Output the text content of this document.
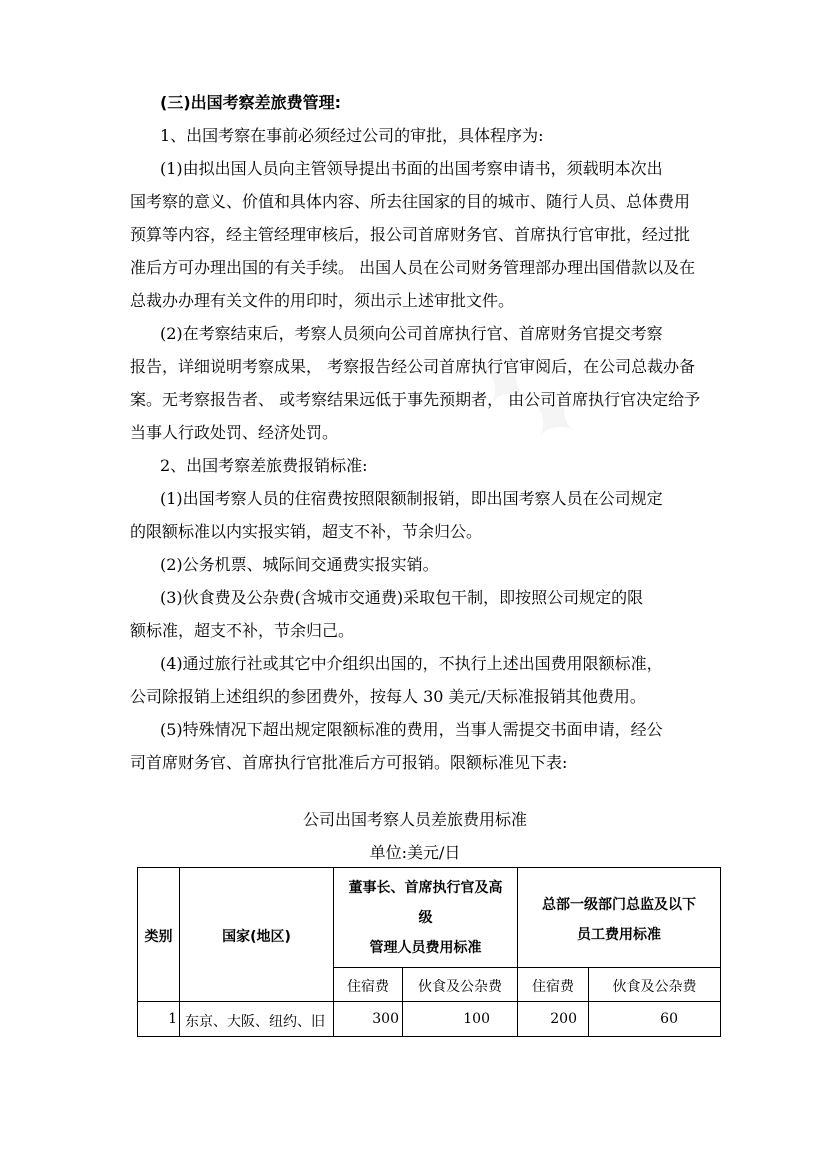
(三)出国考察差旅费管理:
1、出国考察在事前必须经过公司的审批，具体程序为:
(1)由拟出国人员向主管领导提出书面的出国考察申请书，须载明本次出
国考察的意义、价值和具体内容、所去往国家的目的城市、随行人员、总体费用
预算等内容，经主管经理审核后，报公司首席财务官、首席执行官审批，经过批
准后方可办理出国的有关手续。 出国人员在公司财务管理部办理出国借款以及在
总裁办办理有关文件的用印时，须出示上述审批文件。
(2)在考察结束后，考察人员须向公司首席执行官、首席财务官提交考察
报告，详细说明考察成果， 考察报告经公司首席执行官审阅后，在公司总裁办备
案。无考察报告者、 或考察结果远低于事先预期者， 由公司首席执行官决定给予
当事人行政处罚、经济处罚。
2、出国考察差旅费报销标准:
(1)出国考察人员的住宿费按照限额制报销，即出国考察人员在公司规定
的限额标准以内实报实销，超支不补，节余归公。
(2)公务机票、城际间交通费实报实销。
(3)伙食费及公杂费(含城市交通费)采取包干制，即按照公司规定的限
额标准，超支不补，节余归己。
(4)通过旅行社或其它中介组织出国的，不执行上述出国费用限额标准，
公司除报销上述组织的参团费外，按每人 30 美元/天标准报销其他费用。
(5)特殊情况下超出规定限额标准的费用，当事人需提交书面申请，经公
司首席财务官、首席执行官批准后方可报销。限额标准见下表:
公司出国考察人员差旅费用标准
单位:美元/日
类别	国家(地区)
董事长、首席执行官及高
级
管理人员费用标准
总部一级部门总监及以下
员工费用标准
住宿费	伙食及公杂费	住宿费	伙食及公杂费
1 东京、大阪、纽约、旧	300	100	200	60
